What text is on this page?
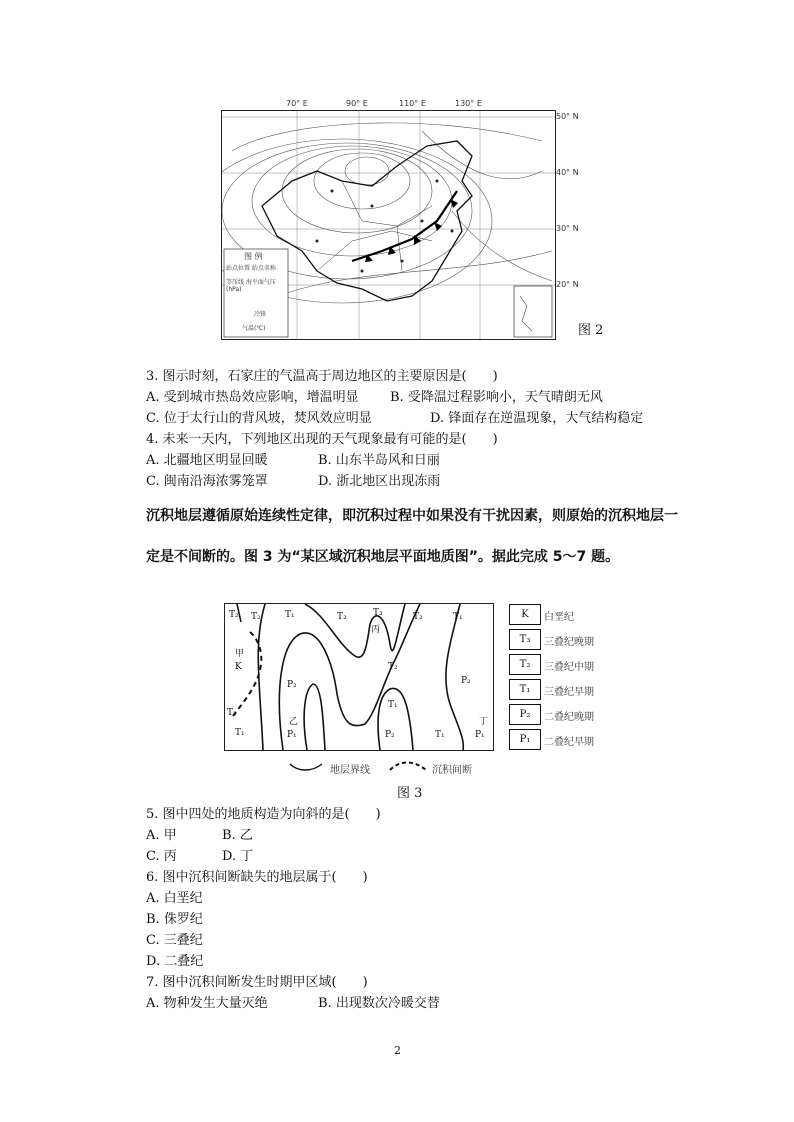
图 例
站点位置 站点名称
等压线 海平面气压 (hPa)
冷锋
气温(℃)
70° E	90° E	110° E	130° E
50° N
40° N
30° N
20° N
图 2
3. 图示时刻，石家庄的气温高于周边地区的主要原因是(　　)
A. 受到城市热岛效应影响，增温明显 B. 受降温过程影响小，天气晴朗无风
C. 位于太行山的背风坡，焚风效应明显	D. 锋面存在逆温现象，大气结构稳定
4. 未来一天内，下列地区出现的天气现象最有可能的是(　　)
A. 北疆地区明显回暖	B. 山东半岛风和日丽
C. 闽南沿海浓雾笼罩	D. 浙北地区出现冻雨
沉积地层遵循原始连续性定律，即沉积过程中如果没有干扰因素，则原始的沉积地层一
定是不间断的。图 3 为“某区域沉积地层平面地质图”。据此完成 5～7 题。
T₂ T₂	T₁	T₂	T₃
丙
T₂	T₁
甲
K
P₂
T₂
P₂
T₁
T₂
乙	丁
T₁	P₁	P₂	T₁	P₁
K	白垩纪
T₃	三叠纪晚期
T₂	三叠纪中期
T₁	三叠纪早期
P₂	二叠纪晚期
P₁	二叠纪早期
地层界线	沉积间断
图 3
5. 图中四处的地质构造为向斜的是(　　)
A. 甲	B. 乙
C. 丙	D. 丁
6. 图中沉积间断缺失的地层属于(　　)
A. 白垩纪
B. 侏罗纪
C. 三叠纪
D. 二叠纪
7. 图中沉积间断发生时期甲区域(　　)
A. 物种发生大量灭绝	B. 出现数次冷暖交替
2
